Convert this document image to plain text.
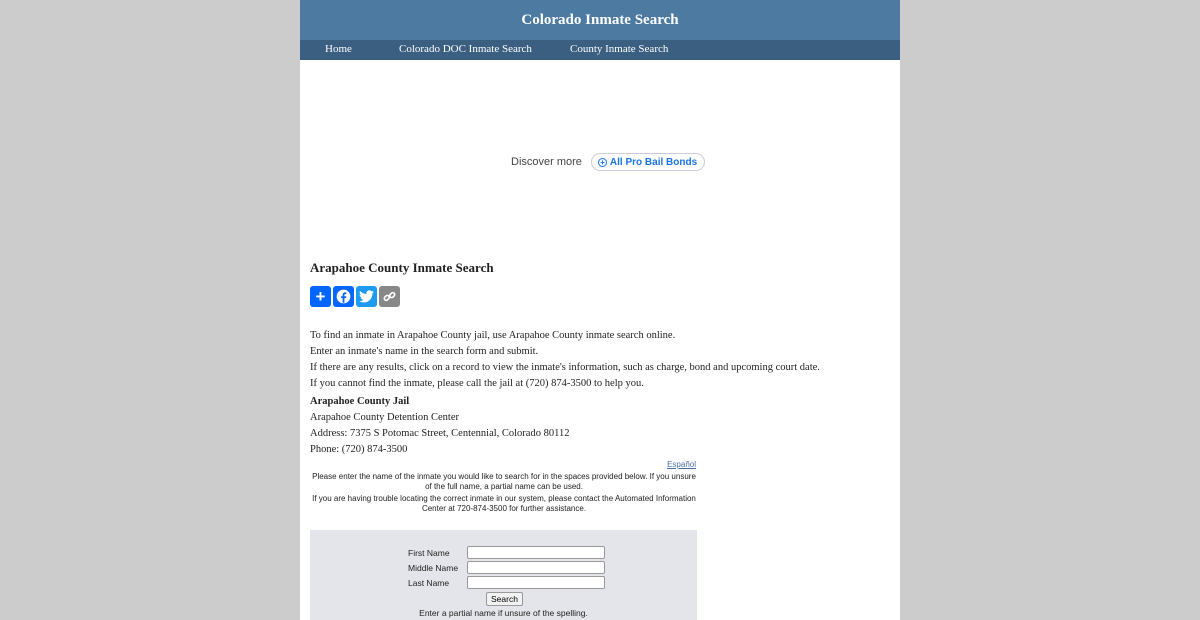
Colorado Inmate Search
Home	Colorado DOC Inmate Search	County Inmate Search
Discover more + All Pro Bail Bonds
Arapahoe County Inmate Search
+
To find an inmate in Arapahoe County jail, use Arapahoe County inmate search online.
Enter an inmate's name in the search form and submit.
If there are any results, click on a record to view the inmate's information, such as charge, bond and upcoming court date.
If you cannot find the inmate, please call the jail at (720) 874-3500 to help you.
Arapahoe County Jail
Arapahoe County Detention Center
Address: 7375 S Potomac Street, Centennial, Colorado 80112
Phone: (720) 874-3500
Español

Please enter the name of the inmate you would like to search for in the spaces provided below. If you unsure of the full name, a partial name can be used.

If you are having trouble locating the correct inmate in our system, please contact the Automated Information Center at 720-874-3500 for further assistance.

First Name
Middle Name
Last Name
Search
Enter a partial name if unsure of the spelling.
